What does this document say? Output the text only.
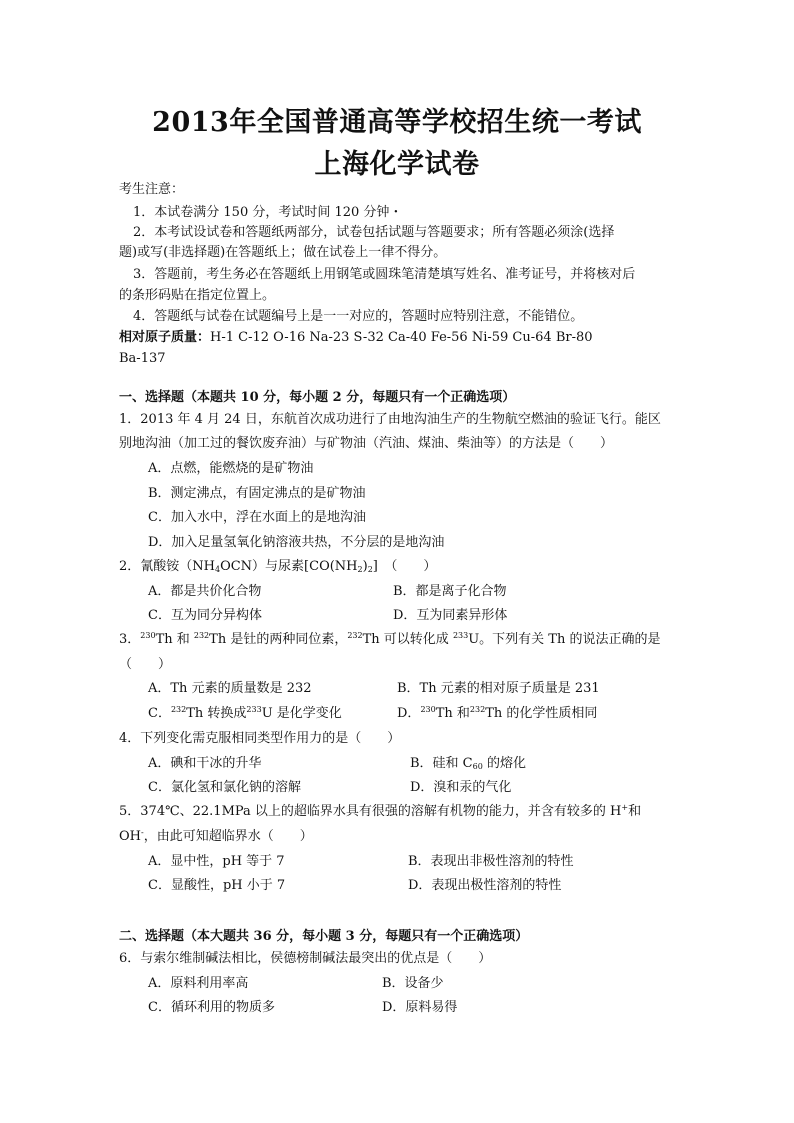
2013年全国普通高等学校招生统一考试
上海化学试卷
考生注意：
1．本试卷满分 150 分，考试时间 120 分钟・
2．本考试设试卷和答题纸两部分，试卷包括试题与答题要求；所有答题必须涂(选择
题)或写(非选择题)在答题纸上；做在试卷上一律不得分。
3．答题前，考生务必在答题纸上用钢笔或圆珠笔清楚填写姓名、准考证号，并将核对后
的条形码贴在指定位置上。
4．答题纸与试卷在试题编号上是一一对应的，答题时应特别注意，不能错位。
相对原子质量：H-1 C-12 O-16 Na-23 S-32 Ca-40 Fe-56 Ni-59 Cu-64 Br-80
Ba-137
一、选择题（本题共 10 分，每小题 2 分，每题只有一个正确选项）
1．2013 年 4 月 24 日，东航首次成功进行了由地沟油生产的生物航空燃油的验证飞行。能区
别地沟油（加工过的餐饮废弃油）与矿物油（汽油、煤油、柴油等）的方法是（　　）
A．点燃，能燃烧的是矿物油
B．测定沸点，有固定沸点的是矿物油
C．加入水中，浮在水面上的是地沟油
D．加入足量氢氧化钠溶液共热，不分层的是地沟油
2．氰酸铵$(NH_4OCN)$与尿素$[CO(NH_2)_2]$　（　　）
A．都是共价化合物	B．都是离子化合物
C．互为同分异构体	D．互为同素异形体
3．$^{230}$Th 和 $^{232}$Th 是钍的两种同位素，$^{232}$Th 可以转化成 $^{233}$U。下列有关 Th 的说法正确的是
（　　）
A．Th 元素的质量数是 232	B．Th 元素的相对原子质量是 231
C．$^{232}$Th 转换成$^{233}$U 是化学变化	D．$^{230}$Th 和$^{232}$Th 的化学性质相同
4．下列变化需克服相同类型作用力的是（　　）
A．碘和干冰的升华	B．硅和 $C_{60}$ 的熔化
C．氯化氢和氯化钠的溶解	D．溴和汞的气化
5．374℃、22.1MPa 以上的超临界水具有很强的溶解有机物的能力，并含有较多的 H+和
OH-，由此可知超临界水（　　）
A．显中性，pH 等于 7	B．表现出非极性溶剂的特性
C．显酸性，pH 小于 7	D．表现出极性溶剂的特性
二、选择题（本大题共 36 分，每小题 3 分，每题只有一个正确选项）
6．与索尔维制碱法相比，侯德榜制碱法最突出的优点是（　　）
A．原料利用率高	B．设备少
C．循环利用的物质多	D．原料易得
